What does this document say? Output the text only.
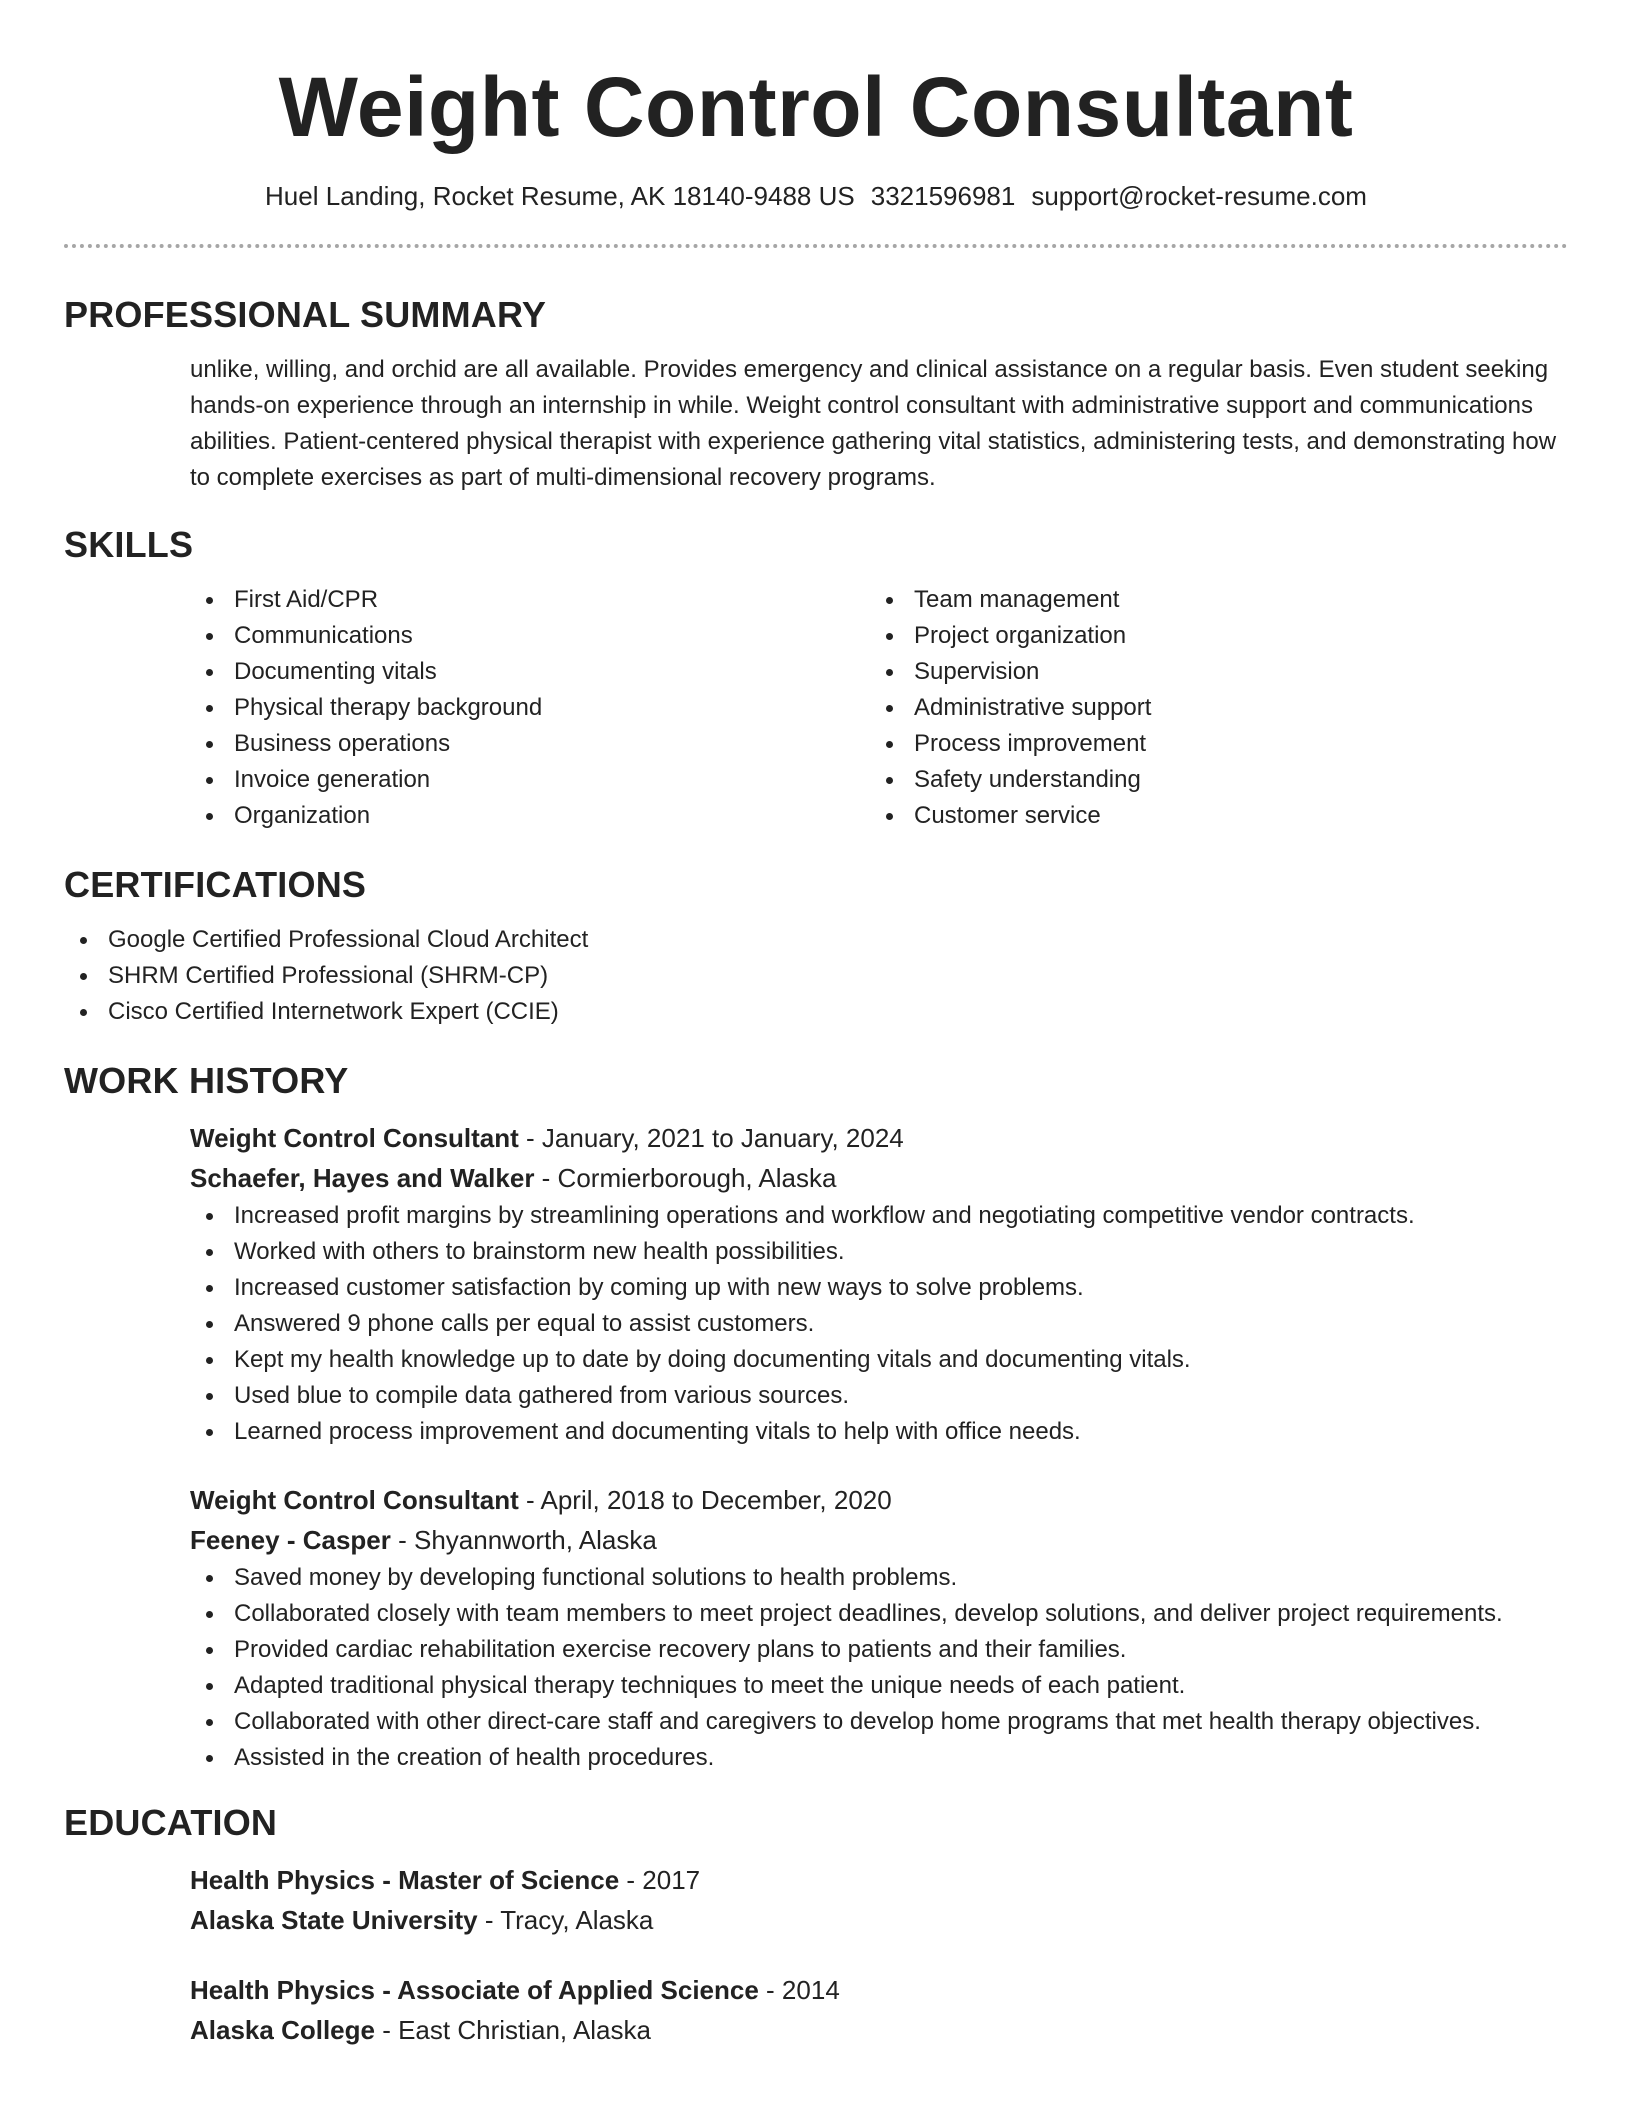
Weight Control Consultant
Huel Landing, Rocket Resume, AK 18140-9488 US 3321596981 support@rocket-resume.com
PROFESSIONAL SUMMARY
unlike, willing, and orchid are all available. Provides emergency and clinical assistance on a regular basis. Even student seeking hands-on experience through an internship in while. Weight control consultant with administrative support and communications abilities. Patient-centered physical therapist with experience gathering vital statistics, administering tests, and demonstrating how to complete exercises as part of multi-dimensional recovery programs.
SKILLS
First Aid/CPR
Communications
Documenting vitals
Physical therapy background
Business operations
Invoice generation
Organization
Team management
Project organization
Supervision
Administrative support
Process improvement
Safety understanding
Customer service
CERTIFICATIONS
Google Certified Professional Cloud Architect
SHRM Certified Professional (SHRM-CP)
Cisco Certified Internetwork Expert (CCIE)
WORK HISTORY
Weight Control Consultant - January, 2021 to January, 2024
Schaefer, Hayes and Walker - Cormierborough, Alaska
Increased profit margins by streamlining operations and workflow and negotiating competitive vendor contracts.
Worked with others to brainstorm new health possibilities.
Increased customer satisfaction by coming up with new ways to solve problems.
Answered 9 phone calls per equal to assist customers.
Kept my health knowledge up to date by doing documenting vitals and documenting vitals.
Used blue to compile data gathered from various sources.
Learned process improvement and documenting vitals to help with office needs.
Weight Control Consultant - April, 2018 to December, 2020
Feeney - Casper - Shyannworth, Alaska
Saved money by developing functional solutions to health problems.
Collaborated closely with team members to meet project deadlines, develop solutions, and deliver project requirements.
Provided cardiac rehabilitation exercise recovery plans to patients and their families.
Adapted traditional physical therapy techniques to meet the unique needs of each patient.
Collaborated with other direct-care staff and caregivers to develop home programs that met health therapy objectives.
Assisted in the creation of health procedures.
EDUCATION
Health Physics - Master of Science - 2017
Alaska State University - Tracy, Alaska
Health Physics - Associate of Applied Science - 2014
Alaska College - East Christian, Alaska
